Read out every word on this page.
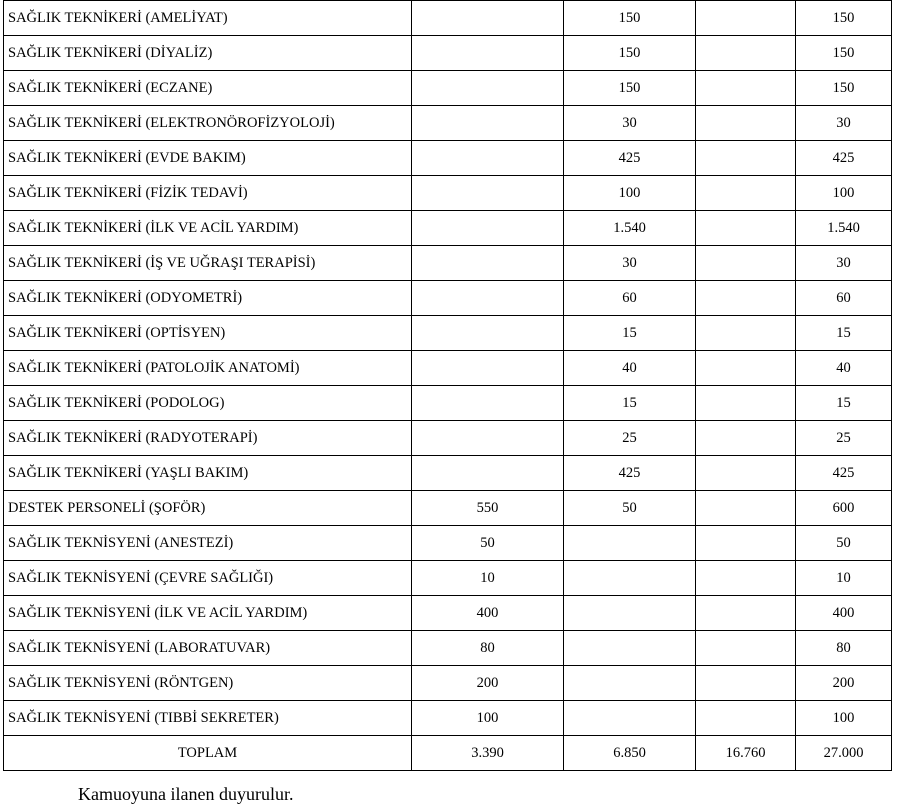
SAĞLIK TEKNİKERİ (AMELİYAT)		150		150
SAĞLIK TEKNİKERİ (DİYALİZ)		150		150
SAĞLIK TEKNİKERİ (ECZANE)		150		150
SAĞLIK TEKNİKERİ (ELEKTRONÖROFİZYOLOJİ)		30		30
SAĞLIK TEKNİKERİ (EVDE BAKIM)		425		425
SAĞLIK TEKNİKERİ (FİZİK TEDAVİ)		100		100
SAĞLIK TEKNİKERİ (İLK VE ACİL YARDIM)		1.540		1.540
SAĞLIK TEKNİKERİ (İŞ VE UĞRAŞI TERAPİSİ)		30		30
SAĞLIK TEKNİKERİ (ODYOMETRİ)		60		60
SAĞLIK TEKNİKERİ (OPTİSYEN)		15		15
SAĞLIK TEKNİKERİ (PATOLOJİK ANATOMİ)		40		40
SAĞLIK TEKNİKERİ (PODOLOG)		15		15
SAĞLIK TEKNİKERİ (RADYOTERAPİ)		25		25
SAĞLIK TEKNİKERİ (YAŞLI BAKIM)		425		425
DESTEK PERSONELİ (ŞOFÖR)	550	50		600
SAĞLIK TEKNİSYENİ (ANESTEZİ)	50			50
SAĞLIK TEKNİSYENİ (ÇEVRE SAĞLIĞI)	10			10
SAĞLIK TEKNİSYENİ (İLK VE ACİL YARDIM)	400			400
SAĞLIK TEKNİSYENİ (LABORATUVAR)	80			80
SAĞLIK TEKNİSYENİ (RÖNTGEN)	200			200
SAĞLIK TEKNİSYENİ (TIBBİ SEKRETER)	100			100
TOPLAM	3.390	6.850	16.760	27.000
Kamuoyuna ilanen duyurulur.
